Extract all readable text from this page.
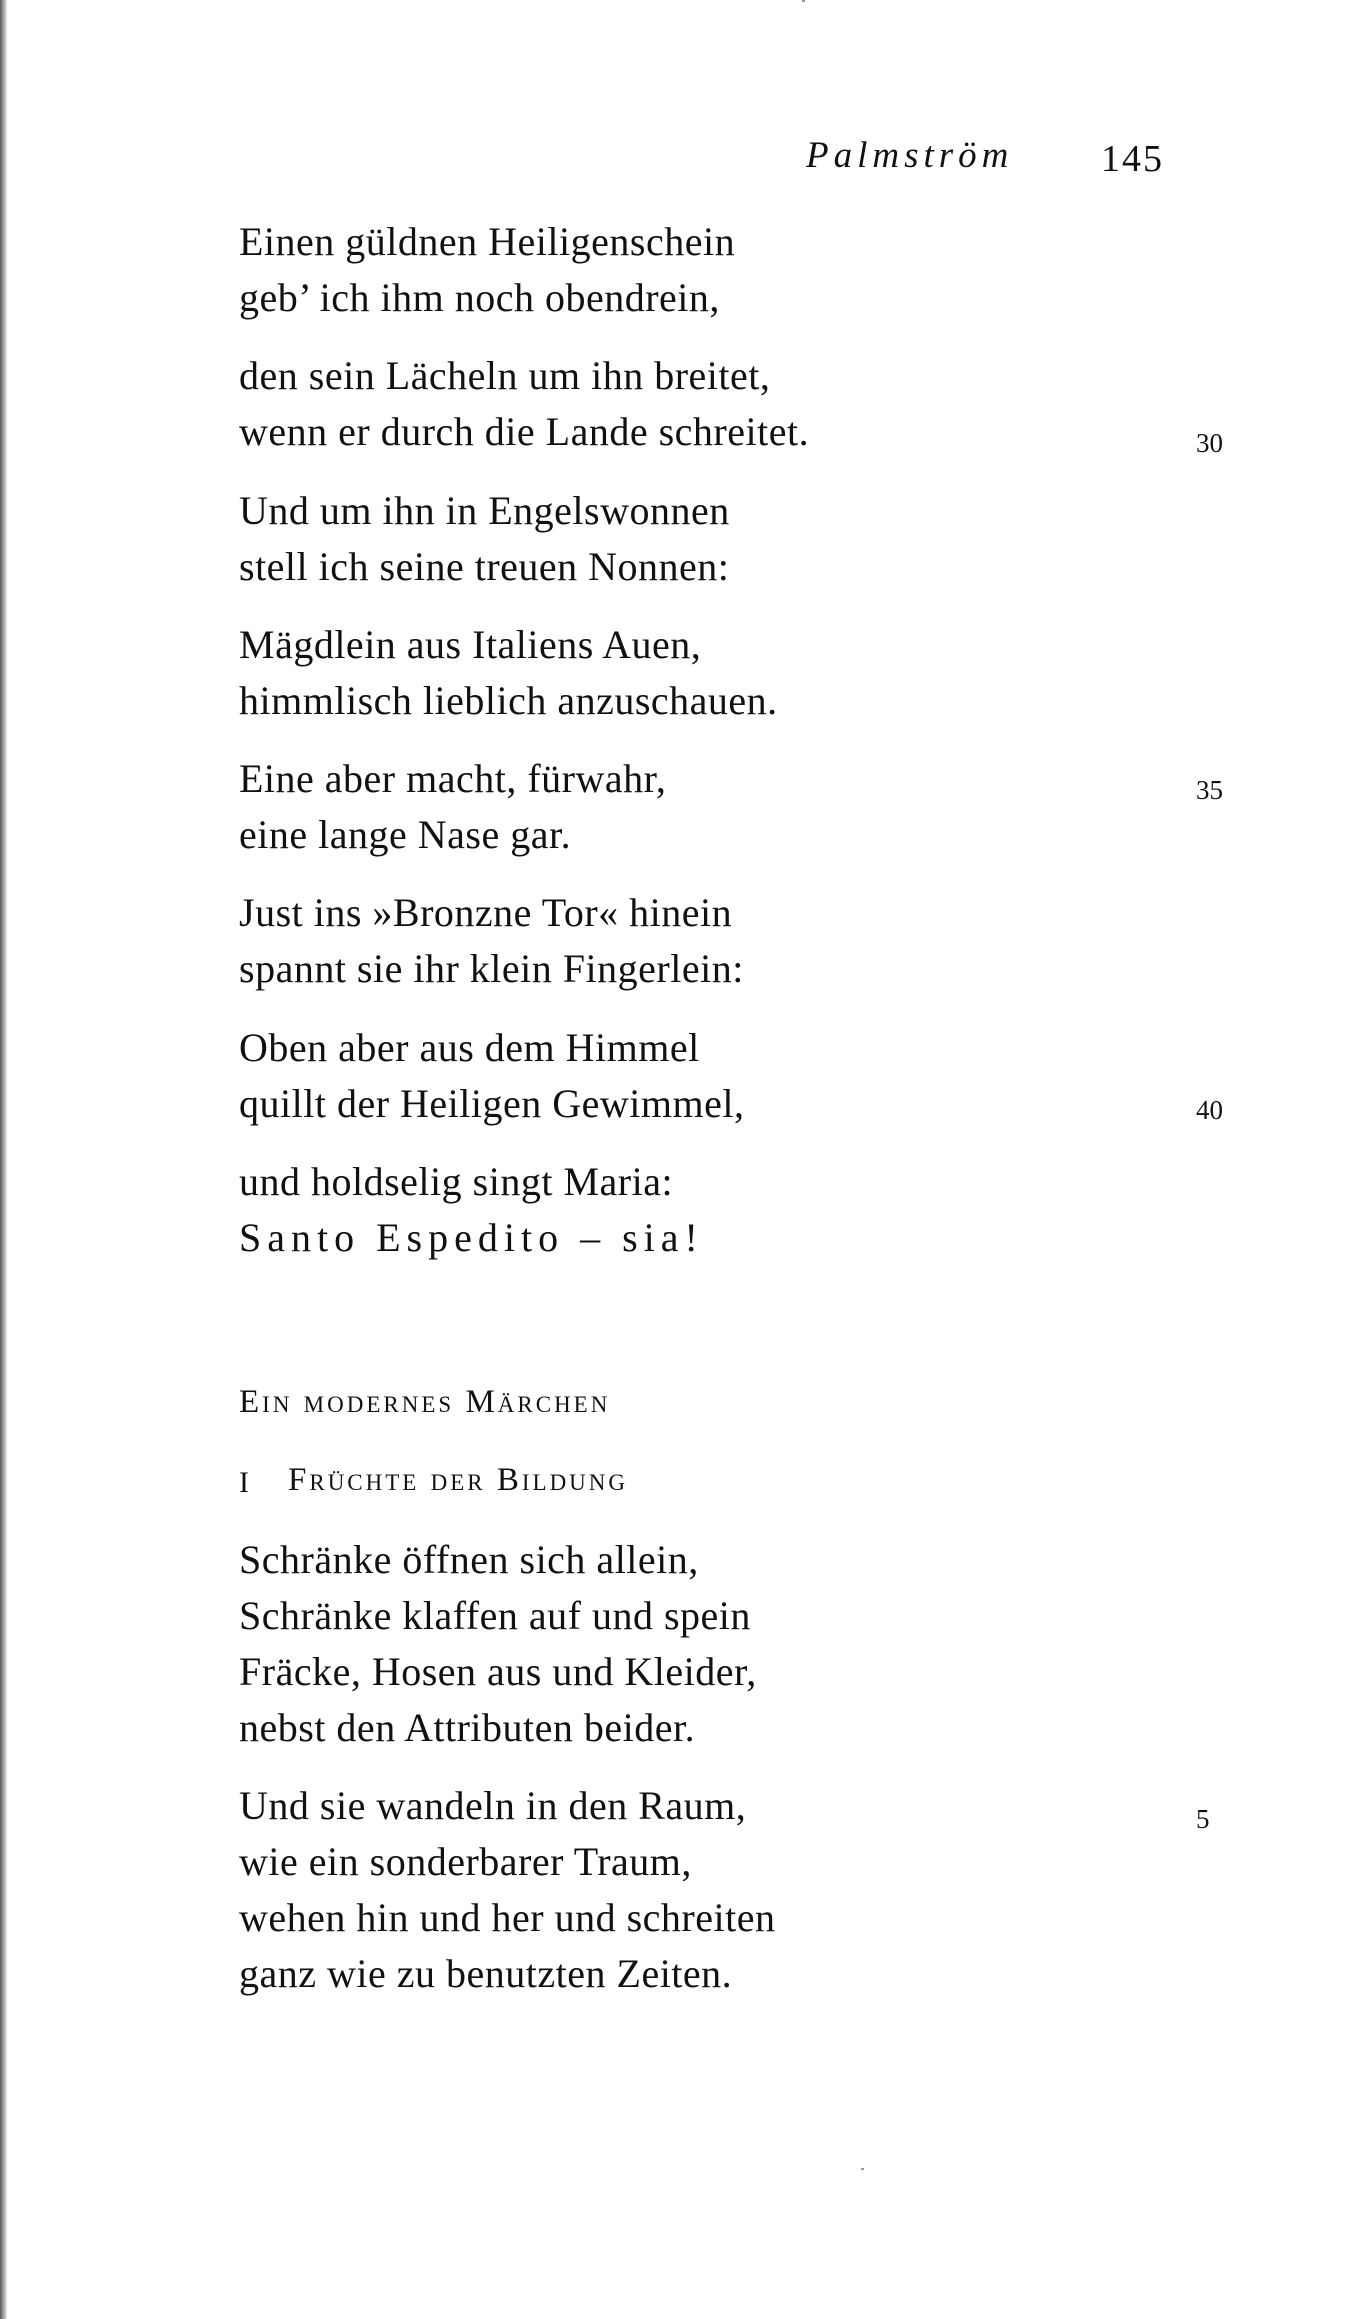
Palmström 145
Einen güldnen Heiligenschein
geb’ ich ihm noch obendrein,
den sein Lächeln um ihn breitet,
wenn er durch die Lande schreitet.	30
Und um ihn in Engelswonnen
stell ich seine treuen Nonnen:
Mägdlein aus Italiens Auen,
himmlisch lieblich anzuschauen.
Eine aber macht, fürwahr,	35
eine lange Nase gar.
Just ins »Bronzne Tor« hinein
spannt sie ihr klein Fingerlein:
Oben aber aus dem Himmel
quillt der Heiligen Gewimmel,	40
und holdselig singt Maria:
Santo Espedito – sia!
Ein modernes Märchen
I Früchte der Bildung
Schränke öffnen sich allein,
Schränke klaffen auf und spein
Fräcke, Hosen aus und Kleider,
nebst den Attributen beider.
Und sie wandeln in den Raum,	5
wie ein sonderbarer Traum,
wehen hin und her und schreiten
ganz wie zu benutzten Zeiten.
